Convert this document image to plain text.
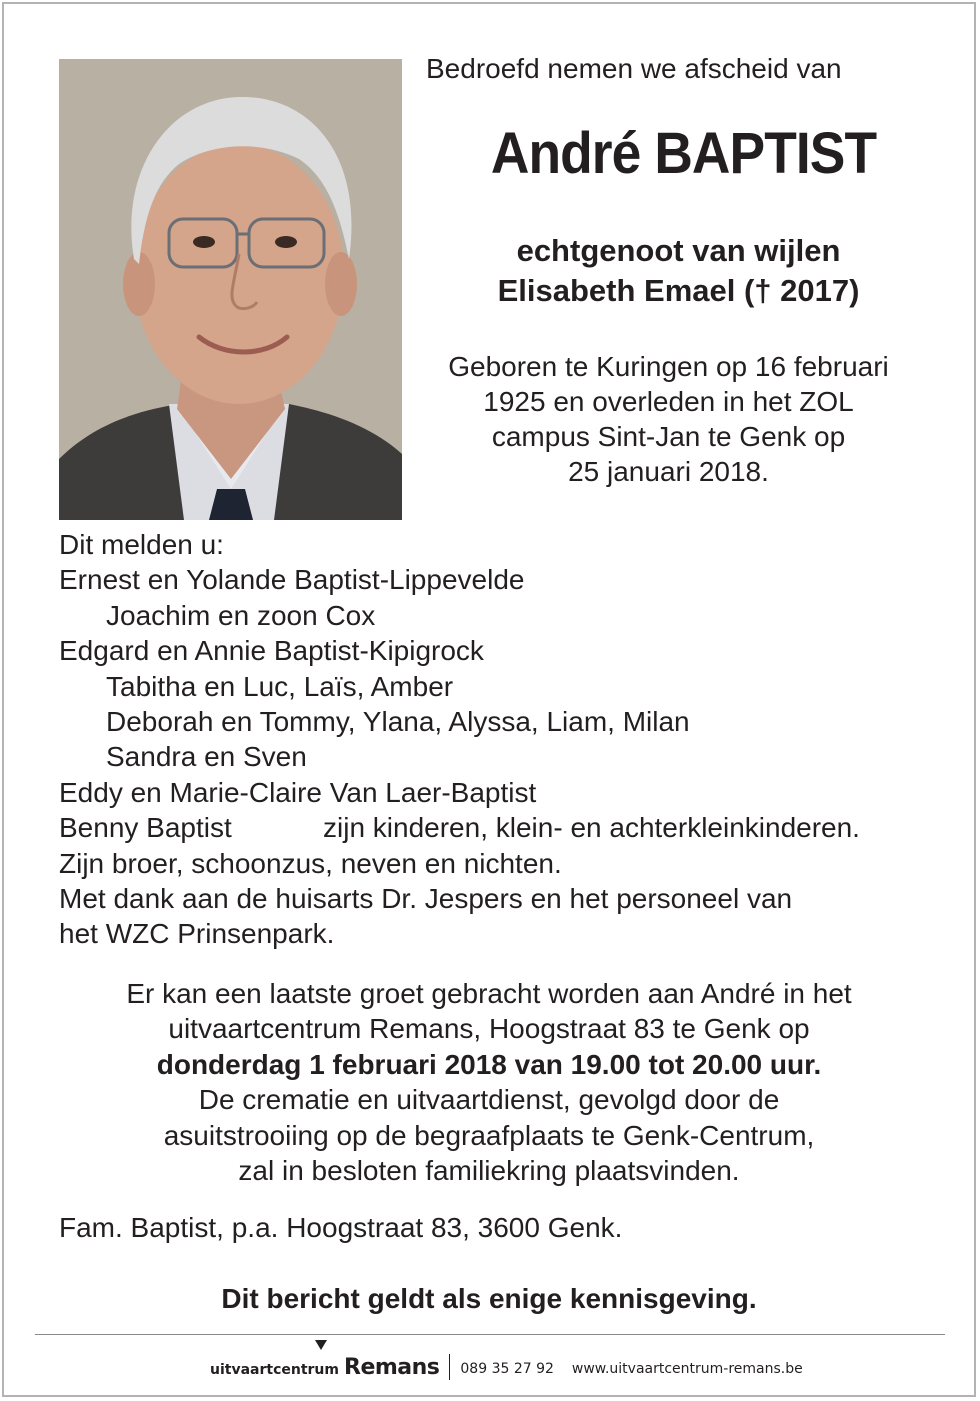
Bedroefd nemen we afscheid van
André BAPTIST
echtgenoot van wijlen
Elisabeth Emael († 2017)
Geboren te Kuringen op 16 februari
1925 en overleden in het ZOL
campus Sint-Jan te Genk op
25 januari 2018.
Dit melden u:
Ernest en Yolande Baptist-Lippevelde
Joachim en zoon Cox
Edgard en Annie Baptist-Kipigrock
Tabitha en Luc, Laïs, Amber
Deborah en Tommy, Ylana, Alyssa, Liam, Milan
Sandra en Sven
Eddy en Marie-Claire Van Laer-Baptist
Benny Baptist	zijn kinderen, klein- en achterkleinkinderen.
Zijn broer, schoonzus, neven en nichten.
Met dank aan de huisarts Dr. Jespers en het personeel van
het WZC Prinsenpark.
Er kan een laatste groet gebracht worden aan André in het
uitvaartcentrum Remans, Hoogstraat 83 te Genk op
donderdag 1 februari 2018 van 19.00 tot 20.00 uur.
De crematie en uitvaartdienst, gevolgd door de
asuitstrooiing op de begraafplaats te Genk-Centrum,
zal in besloten familiekring plaatsvinden.
Fam. Baptist, p.a. Hoogstraat 83, 3600 Genk.
Dit bericht geldt als enige kennisgeving.
uitvaartcentrum Remans 089 35 27 92 www.uitvaartcentrum-remans.be
